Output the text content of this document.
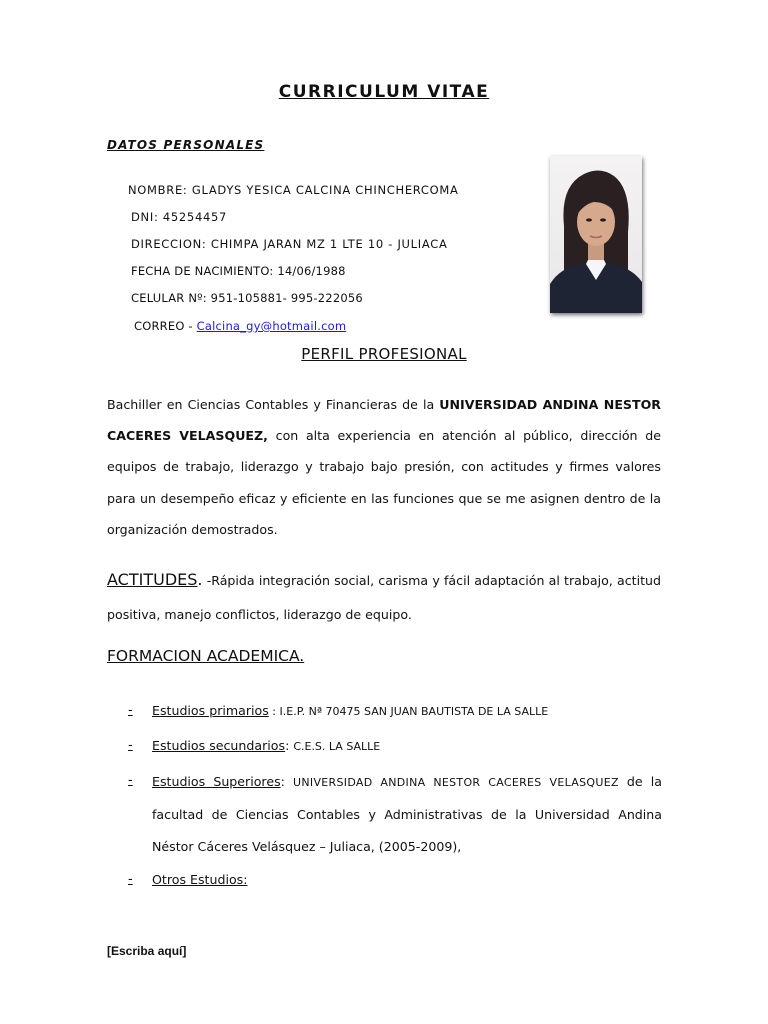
CURRICULUM VITAE
DATOS PERSONALES
NOMBRE: GLADYS YESICA CALCINA CHINCHERCOMA
DNI: 45254457
DIRECCION: CHIMPA JARAN MZ 1 LTE 10 - JULIACA
FECHA DE NACIMIENTO: 14/06/1988
CELULAR Nº: 951-105881- 995-222056
CORREO - Calcina_gy@hotmail.com
PERFIL PROFESIONAL
Bachiller en Ciencias Contables y Financieras de la UNIVERSIDAD ANDINA NESTOR CACERES VELASQUEZ, con alta experiencia en atención al público, dirección de equipos de trabajo, liderazgo y trabajo bajo presión, con actitudes y firmes valores para un desempeño eficaz y eficiente en las funciones que se me asignen dentro de la organización demostrados.
ACTITUDES. -Rápida integración social, carisma y fácil adaptación al trabajo, actitud positiva, manejo conflictos, liderazgo de equipo.
FORMACION ACADEMICA.
- Estudios primarios : I.E.P. Nª 70475 SAN JUAN BAUTISTA DE LA SALLE
- Estudios secundarios: C.E.S. LA SALLE
- Estudios Superiores: UNIVERSIDAD ANDINA NESTOR CACERES VELASQUEZ de la facultad de Ciencias Contables y Administrativas de la Universidad Andina Néstor Cáceres Velásquez – Juliaca, (2005-2009),
- Otros Estudios:
[Escriba aquí]
